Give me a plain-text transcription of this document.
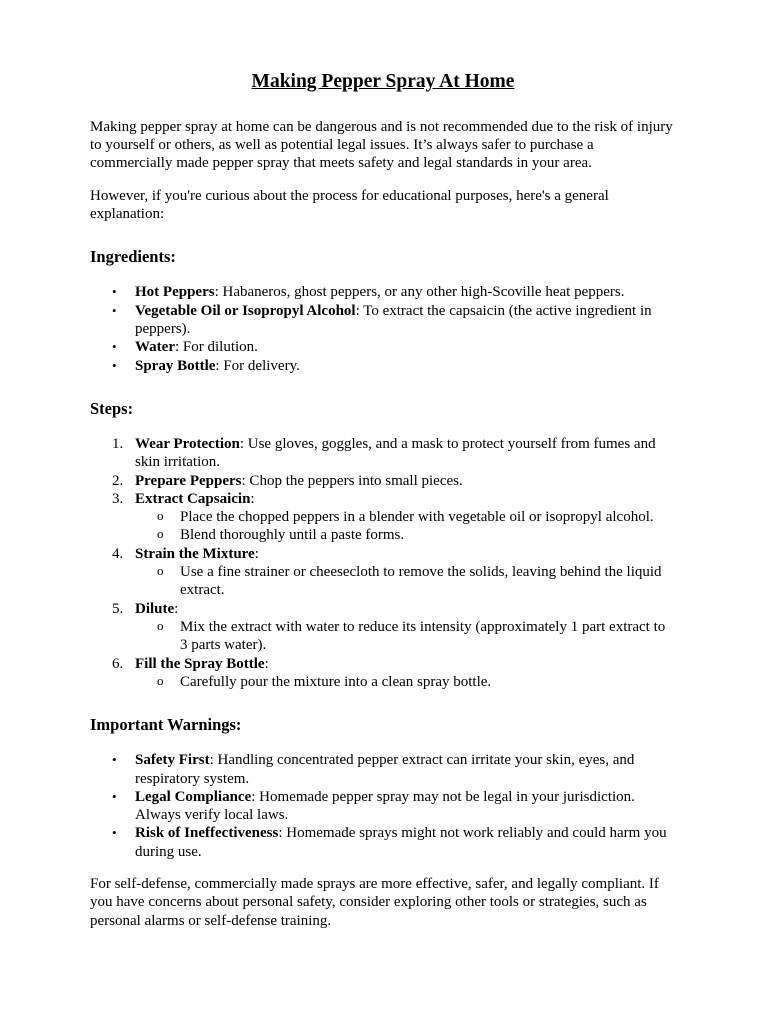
Making Pepper Spray At Home

Making pepper spray at home can be dangerous and is not recommended due to the risk of injury to yourself or others, as well as potential legal issues. It’s always safer to purchase a commercially made pepper spray that meets safety and legal standards in your area.

However, if you're curious about the process for educational purposes, here's a general explanation:

Ingredients:
•	Hot Peppers: Habaneros, ghost peppers, or any other high-Scoville heat peppers.
•	Vegetable Oil or Isopropyl Alcohol: To extract the capsaicin (the active ingredient in peppers).
•	Water: For dilution.
•	Spray Bottle: For delivery.
Steps:
1. Wear Protection: Use gloves, goggles, and a mask to protect yourself from fumes and skin irritation.
2. Prepare Peppers: Chop the peppers into small pieces.
3. Extract Capsaicin:
o	Place the chopped peppers in a blender with vegetable oil or isopropyl alcohol.
o	Blend thoroughly until a paste forms.
4. Strain the Mixture:
o	Use a fine strainer or cheesecloth to remove the solids, leaving behind the liquid extract.
5. Dilute:
o	Mix the extract with water to reduce its intensity (approximately 1 part extract to 3 parts water).
6. Fill the Spray Bottle:
o	Carefully pour the mixture into a clean spray bottle.
Important Warnings:
•	Safety First: Handling concentrated pepper extract can irritate your skin, eyes, and respiratory system.
•	Legal Compliance: Homemade pepper spray may not be legal in your jurisdiction. Always verify local laws.
•	Risk of Ineffectiveness: Homemade sprays might not work reliably and could harm you during use.

For self-defense, commercially made sprays are more effective, safer, and legally compliant. If you have concerns about personal safety, consider exploring other tools or strategies, such as personal alarms or self-defense training.
